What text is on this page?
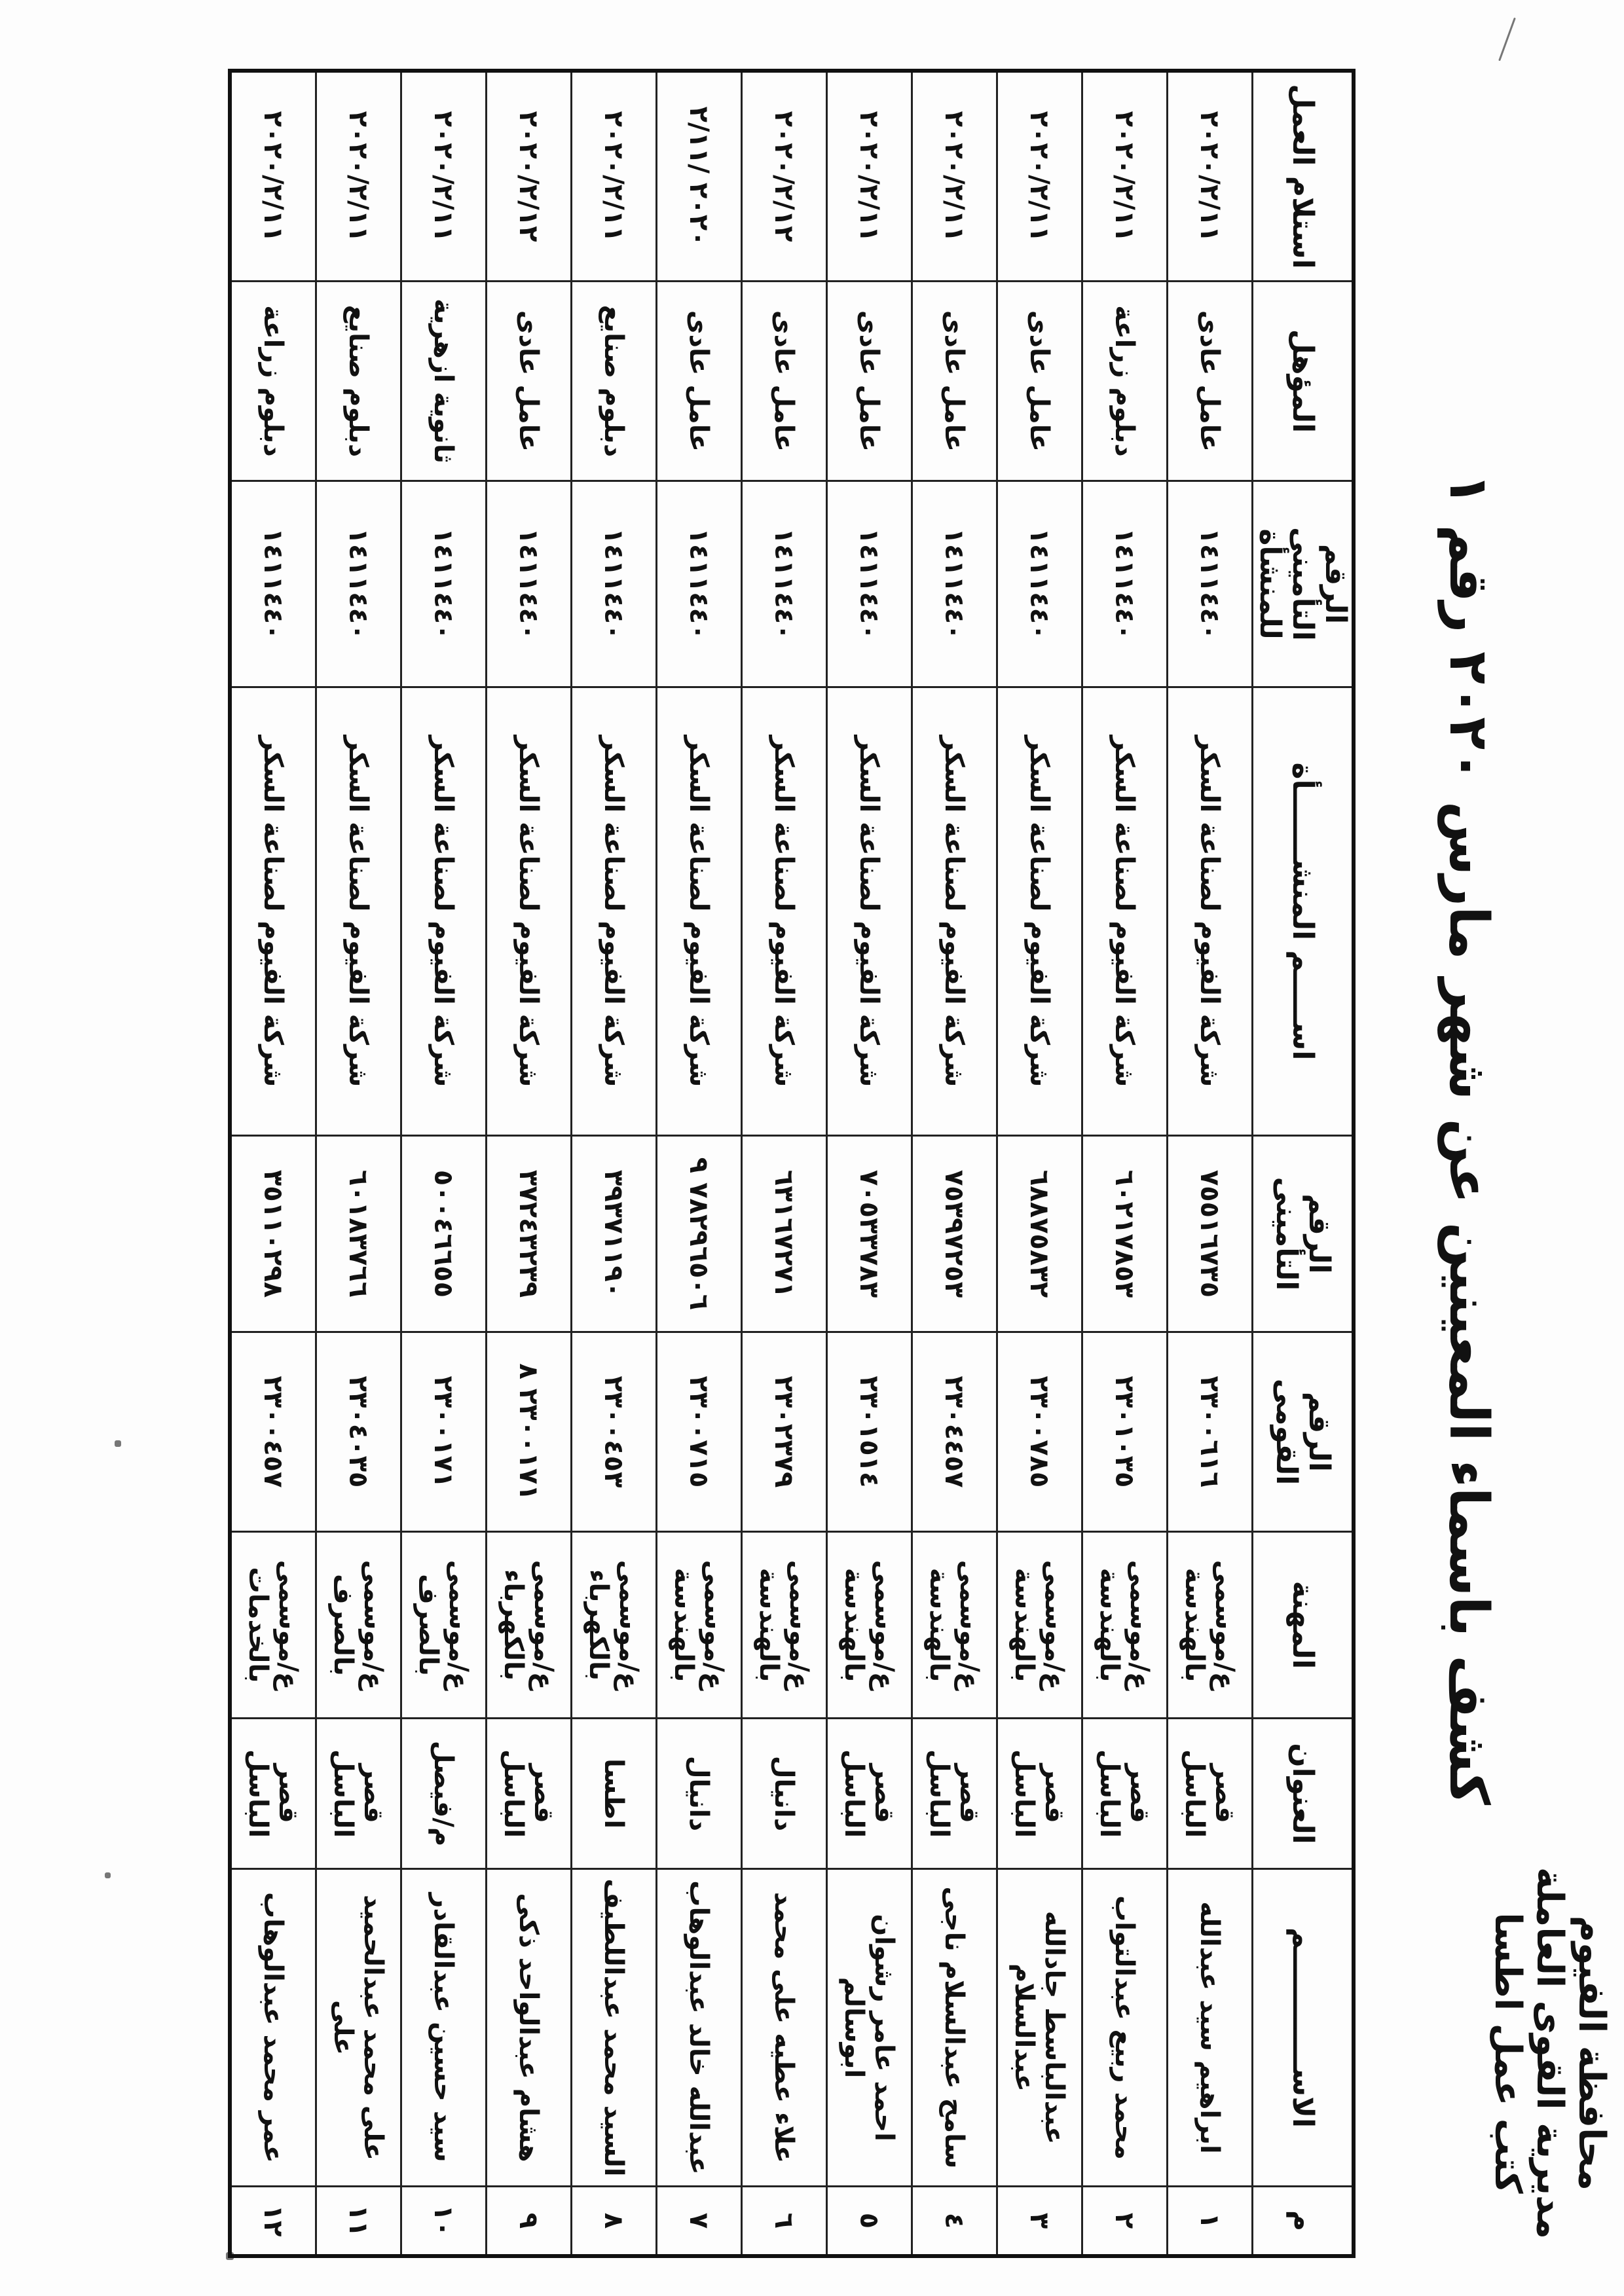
محافظة الفيوم
مديرية القوى العاملة
كتب عمل اطسا
كشف باسماء المعينين عن شهر مارس ٢٠٢٠ رقم ١
م	الاســــــــــــم	العنوان	المهنة	الرقم القومى	الرقم التأمينى	اســـــم المنشـــــــأة	الرقم التأمينى للمنشأة	المؤهل	استلام العمل
١	ابراهيم سيد عبدالله	قصر الباسل	ع/موسمى بالهندسة	٢٣٠٠٦١٦	٧٥٥١٦٧٣٥	شركة الفيوم لصناعة السكر	١٤١١٤٤٠	عامل عادى	٢٠٢٠/٢/١١
٢	محمد ربيع عبدالتواب	قصر الباسل	ع/موسمى بالهندسة	٢٣٠١٠٣٥	٦٠٢١٧٨٥٣	شركة الفيوم لصناعة السكر	١٤١١٤٤٠	دبلوم زراعة	٢٠٢٠/٢/١١
٣	عبدالباسط جادالله عبدالسلام	قصر الباسل	ع/موسمى بالهندسة	٢٣٠٠٧٨٥	٦٨٨٧٥٨٣٢	شركة الفيوم لصناعة السكر	١٤١١٤٤٠	عامل عادى	٢٠٢٠/٢/١١
٤	سامح عبدالسلام ناجى	قصر الباسل	ع/موسمى بالهندسة	٢٣٠٤٤٥٧	٧٥٣٩٧٢٥٣	شركة الفيوم لصناعة السكر	١٤١١٤٤٠	عامل عادى	٢٠٢٠/٢/١١
٥	احمد عامر رشوان ابوسالم	قصر الباسل	ع/موسمى بالهندسة	٢٣٠١٥١٤	٧٠٥٣٣٧٨٣	شركة الفيوم لصناعة السكر	١٤١١٤٤٠	عامل عادى	٢٠٢٠/٢/١١
٦	علاء عطيه على محمد	دانيال	ع/موسمى بالهندسة	٢٣٠٢٣٧٩	٦٣١٦٧٢٧١	شركة الفيوم لصناعة السكر	١٤١١٤٤٠	عامل عادى	٢٠٢٠/٢/١٢
٧	عبدالله خالد عبدالوهاب	دانيال	ع/موسمى بالهندسة	٢٣٠٠٧١٥	٧٨٢٩٦٥٠٦ ٩	شركة الفيوم لصناعة السكر	١٤١١٤٤٠	عامل عادى	٢٠٢٠ /٢/١١
٨	السيد محمد عبداللطيف	اطسا	ع/موسمى بالكهرباء	٢٣٠٠٤٥٣	٣٩٣٧١١٩٠	شركة الفيوم لصناعة السكر	١٤١١٤٤٠	دبلوم صنايع	٢٠٢٠/٢/١١
٩	هشام عبدالواحد ذكى	قصر الباسل	ع/موسمى بالكهرباء	٢٣٠٠١٧١ ٨	٣٧٢٤٣٢٣٩	شركة الفيوم لصناعة السكر	١٤١١٤٤٠	عامل عادى	٢٠٢٠/٢/١٢
١٠	سيد حسين عبدالقادر	م/فيصل	ع/موسمى بالصرف	٢٣٠٠١٧١	٥٠٠٤٦٦٥٥	شركة الفيوم لصناعة السكر	١٤١١٤٤٠	ثانوية ازهرية	٢٠٢٠/٢/١١
١١	على محمد عبدالحميد على	قصر الباسل	ع/موسمى بالصرف	٢٣٠٤٠٣٥	٦٠١٨٣٧٦٦	شركة الفيوم لصناعة السكر	١٤١١٤٤٠	دبلوم صنايع	٢٠٢٠/٢/١١
١٢	عمر محمد عبدالوهاب	قصر الباسل	ع/موسمى بالخدمات	٢٣٠٠٤٥٧	٣٥١١٠٢٩٨	شركة الفيوم لصناعة السكر	١٤١١٤٤٠	دبلوم زراعة	٢٠٢٠/٢/١١
